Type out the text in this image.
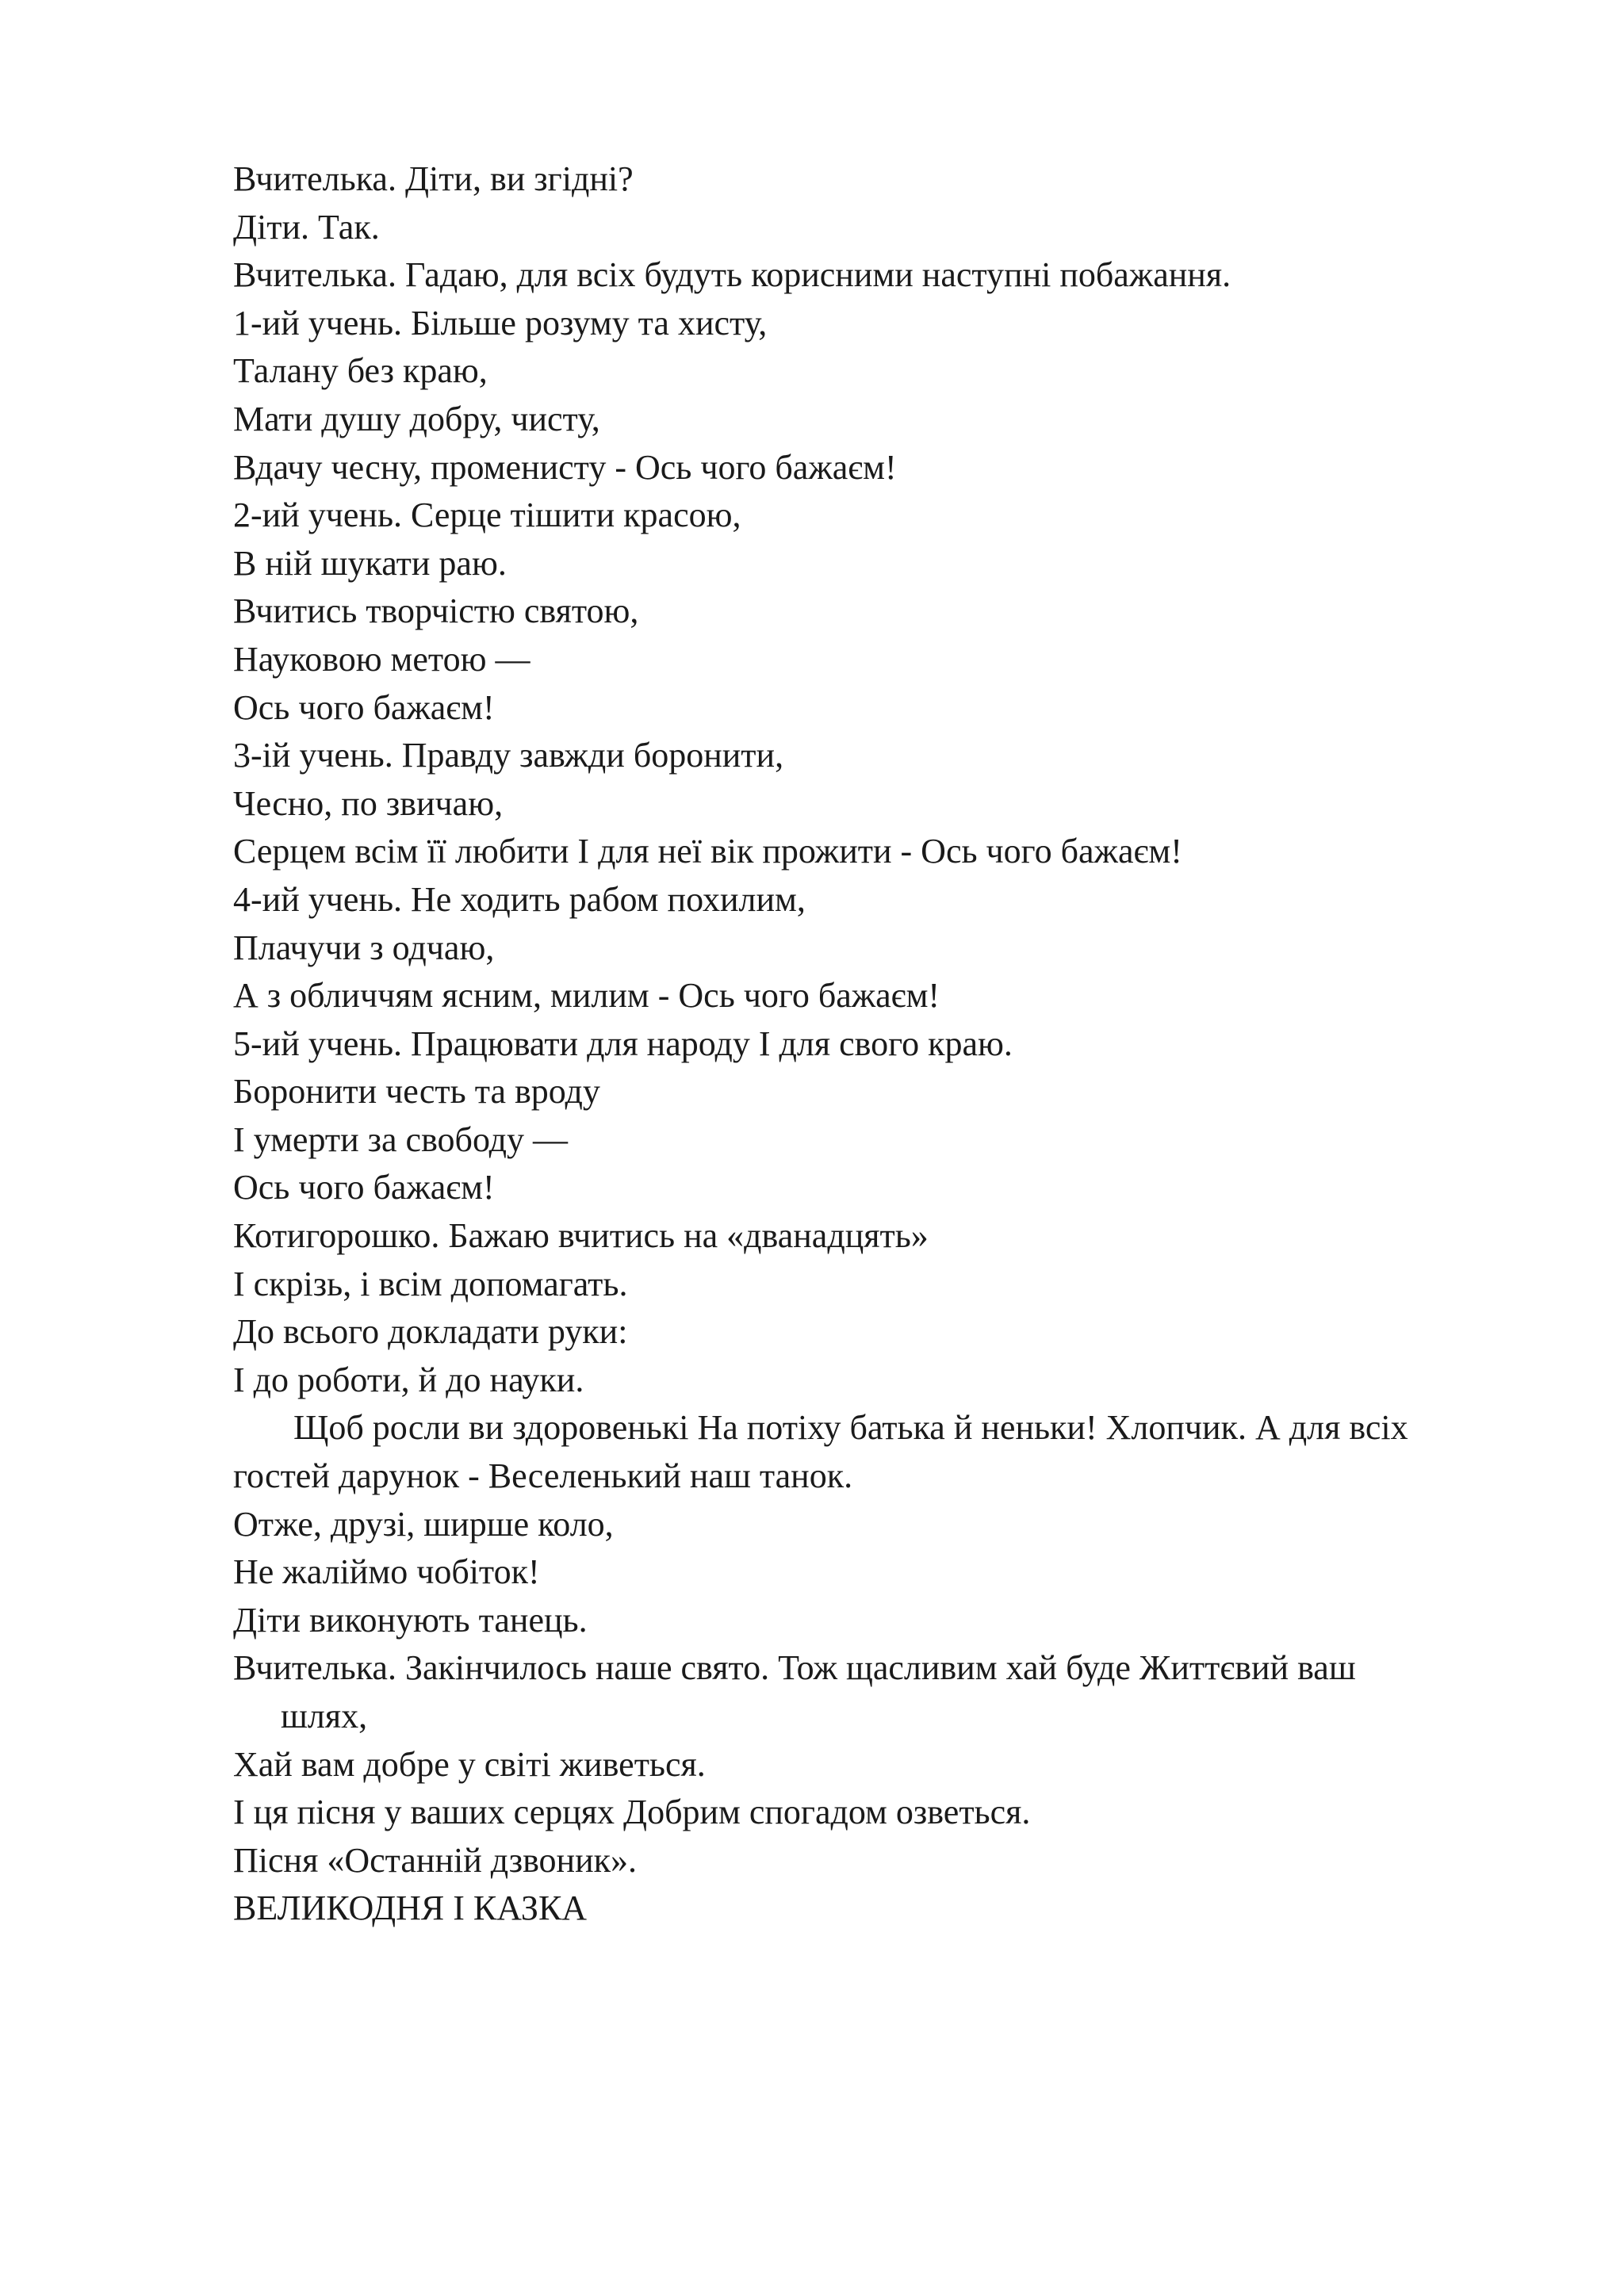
Вчителька. Діти, ви згідні?
Діти. Так.
Вчителька. Гадаю, для всіх будуть корисними наступні побажання.
1-ий учень. Більше розуму та хисту,
Талану без краю,
Мати душу добру, чисту,
Вдачу чесну, променисту - Ось чого бажаєм!
2-ий учень. Серце тішити красою,
В ній шукати раю.
Вчитись творчістю святою,
Науковою метою —
Ось чого бажаєм!
3-ій учень. Правду завжди боронити,
Чесно, по звичаю,
Серцем всім її любити І для неї вік прожити - Ось чого бажаєм!
4-ий учень. Не ходить рабом похилим,
Плачучи з одчаю,
А з обличчям ясним, милим - Ось чого бажаєм!
5-ий учень. Працювати для народу І для свого краю.
Боронити честь та вроду
І умерти за свободу —
Ось чого бажаєм!
Котигорошко. Бажаю вчитись на «дванадцять»
І скрізь, і всім допомагать.
До всього докладати руки:
І до роботи, й до науки.
Щоб росли ви здоровенькі На потіху батька й неньки! Хлопчик. А для всіх
гостей дарунок - Веселенький наш танок.
Отже, друзі, ширше коло,
Не жаліймо чобіток!
Діти виконують танець.
Вчителька. Закінчилось наше свято. Тож щасливим хай буде Життєвий ваш
шлях,
Хай вам добре у світі живеться.
І ця пісня у ваших серцях Добрим спогадом озветься.
Пісня «Останній дзвоник».
ВЕЛИКОДНЯ І КАЗКА
